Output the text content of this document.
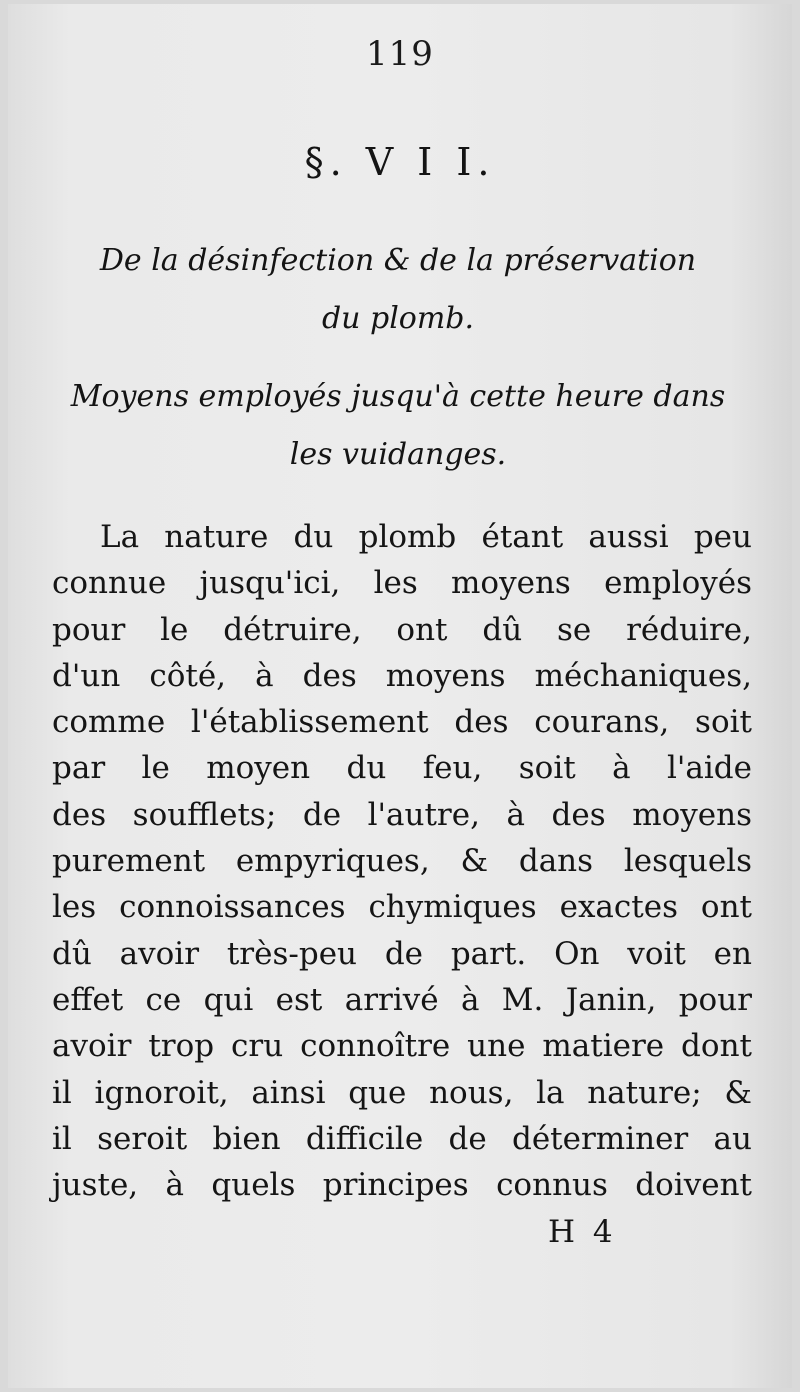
119
§. V I I.
De la désinfection & de la préservation
du plomb.
Moyens employés jusqu'à cette heure dans
les vuidanges.
La nature du plomb étant aussi peu
connue jusqu'ici, les moyens employés
pour le détruire, ont dû se réduire,
d'un côté, à des moyens méchaniques,
comme l'établissement des courans, soit
par le moyen du feu, soit à l'aide
des soufflets; de l'autre, à des moyens
purement empyriques, & dans lesquels
les connoissances chymiques exactes ont
dû avoir très-peu de part. On voit en
effet ce qui est arrivé à M. Janin, pour
avoir trop cru connoître une matiere dont
il ignoroit, ainsi que nous, la nature; &
il seroit bien difficile de déterminer au
juste, à quels principes connus doivent
H 4
